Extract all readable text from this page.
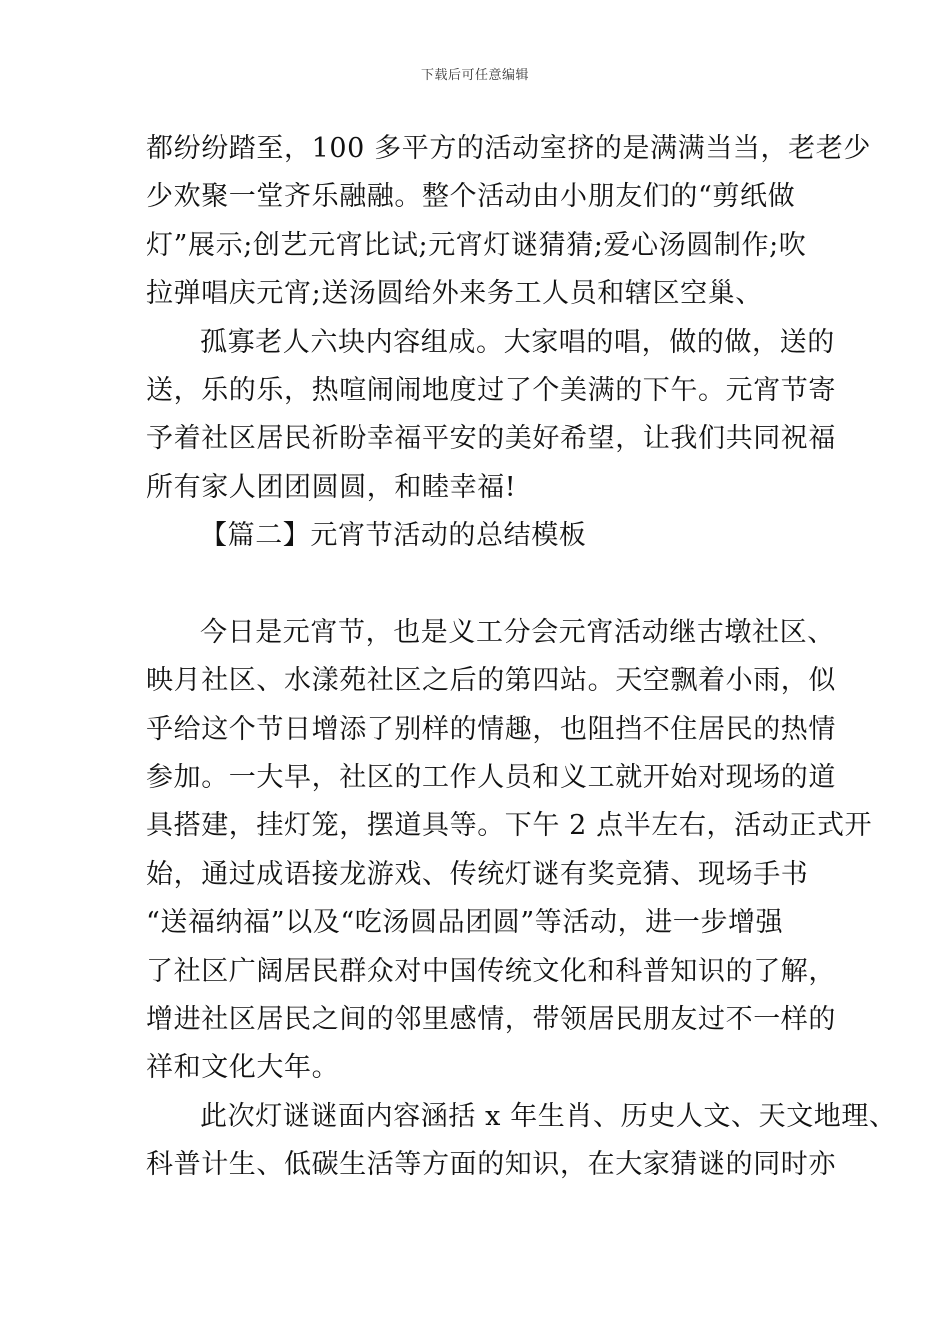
下载后可任意编辑
都纷纷踏至，100 多平方的活动室挤的是满满当当，老老少
少欢聚一堂齐乐融融。整个活动由小朋友们的“剪纸做
灯”展示;创艺元宵比试;元宵灯谜猜猜;爱心汤圆制作;吹
拉弹唱庆元宵;送汤圆给外来务工人员和辖区空巢、
孤寡老人六块内容组成。大家唱的唱，做的做，送的
送，乐的乐，热喧闹闹地度过了个美满的下午。元宵节寄
予着社区居民祈盼幸福平安的美好希望，让我们共同祝福
所有家人团团圆圆，和睦幸福!
【篇二】元宵节活动的总结模板
今日是元宵节，也是义工分会元宵活动继古墩社区、
映月社区、水漾苑社区之后的第四站。天空飘着小雨，似
乎给这个节日增添了别样的情趣，也阻挡不住居民的热情
参加。一大早，社区的工作人员和义工就开始对现场的道
具搭建，挂灯笼，摆道具等。下午 2 点半左右，活动正式开
始，通过成语接龙游戏、传统灯谜有奖竞猜、现场手书
“送福纳福”以及“吃汤圆品团圆”等活动，进一步增强
了社区广阔居民群众对中国传统文化和科普知识的了解，
增进社区居民之间的邻里感情，带领居民朋友过不一样的
祥和文化大年。
此次灯谜谜面内容涵括 x 年生肖、历史人文、天文地理、
科普计生、低碳生活等方面的知识，在大家猜谜的同时亦
